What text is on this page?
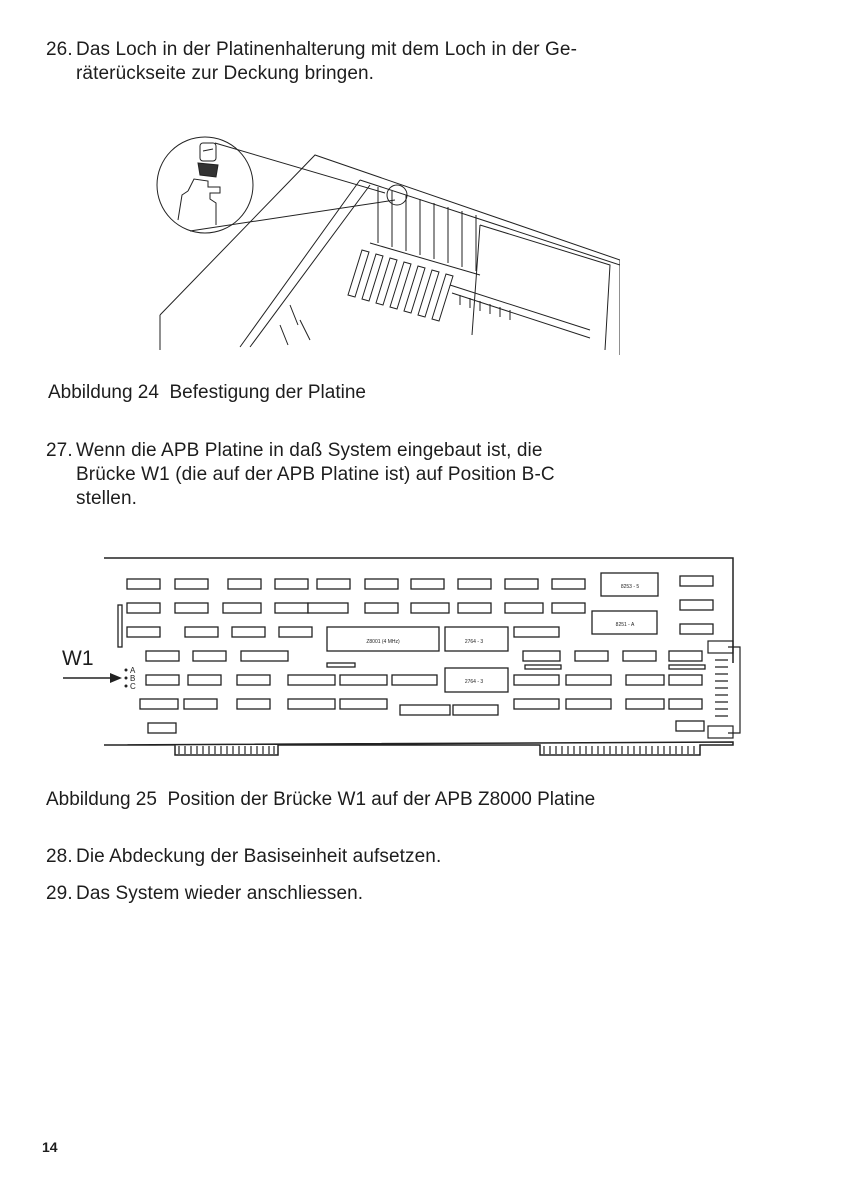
26. Das Loch in der Platinenhalterung mit dem Loch in der Ge-
räterückseite zur Deckung bringen.
Abbildung 24 Befestigung der Platine
27. Wenn die APB Platine in daß System eingebaut ist, die
Brücke W1 (die auf der APB Platine ist) auf Position B-C
stellen.
W1
Z8001 (4 MHz)	2764 - 3
2764 - 3
8253 - 5
8251 - A
A
B
C
Abbildung 25 Position der Brücke W1 auf der APB Z8000 Platine
28. Die Abdeckung der Basiseinheit aufsetzen.
29. Das System wieder anschliessen.
14
